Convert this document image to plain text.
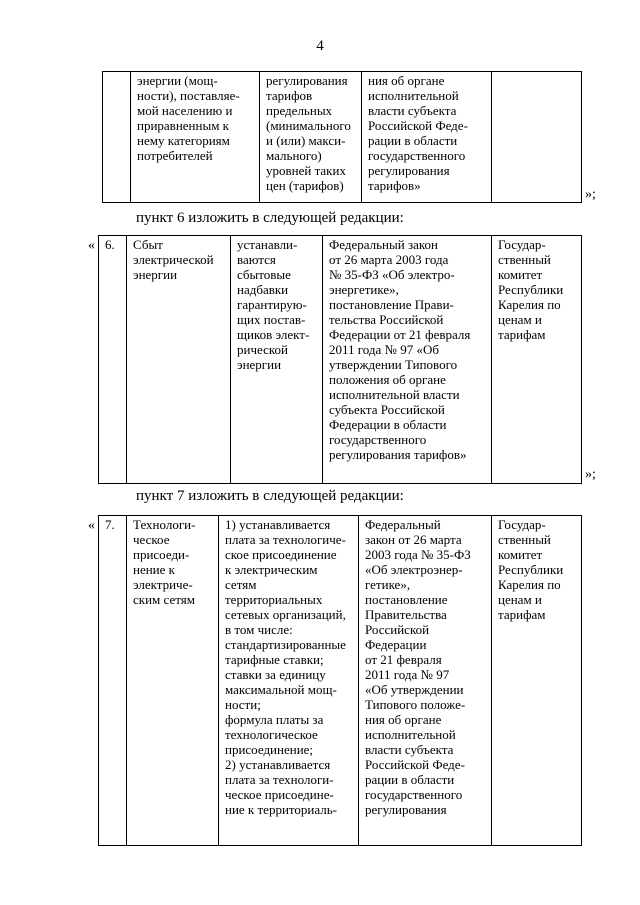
4
	энергии (мощ-
ности), поставляе-
мой населению и
приравненным к
нему категориям
потребителей	регулирования
тарифов
предельных
(минимального
и (или) макси-
мального)
уровней таких
цен (тарифов)	ния об органе
исполнительной
власти субъекта
Российской Феде-
рации в области
государственного
регулирования
тарифов»	
»;
пункт 6 изложить в следующей редакции:
« 6.	Сбыт
электрической
энергии	устанавли-
ваются
сбытовые
надбавки
гарантирую-
щих постав-
щиков элект-
рической
энергии	Федеральный закон
от 26 марта 2003 года
№ 35-ФЗ «Об электро-
энергетике»,
постановление Прави-
тельства Российской
Федерации от 21 февраля
2011 года № 97 «Об
утверждении Типового
положения об органе
исполнительной власти
субъекта Российской
Федерации в области
государственного
регулирования тарифов»	Государ-
ственный
комитет
Республики
Карелия по
ценам и
тарифам
»;
пункт 7 изложить в следующей редакции:
« 7.	Технологи-
ческое
присоеди-
нение к
электриче-
ским сетям	1) устанавливается
плата за технологиче-
ское присоединение
к электрическим
сетям
территориальных
сетевых организаций,
в том числе:
стандартизированные
тарифные ставки;
ставки за единицу
максимальной мощ-
ности;
формула платы за
технологическое
присоединение;
2) устанавливается
плата за технологи-
ческое присоедине-
ние к территориаль-	Федеральный
закон от 26 марта
2003 года № 35-ФЗ
«Об электроэнер-
гетике»,
постановление
Правительства
Российской
Федерации
от 21 февраля
2011 года № 97
«Об утверждении
Типового положе-
ния об органе
исполнительной
власти субъекта
Российской Феде-
рации в области
государственного
регулирования	Государ-
ственный
комитет
Республики
Карелия по
ценам и
тарифам
